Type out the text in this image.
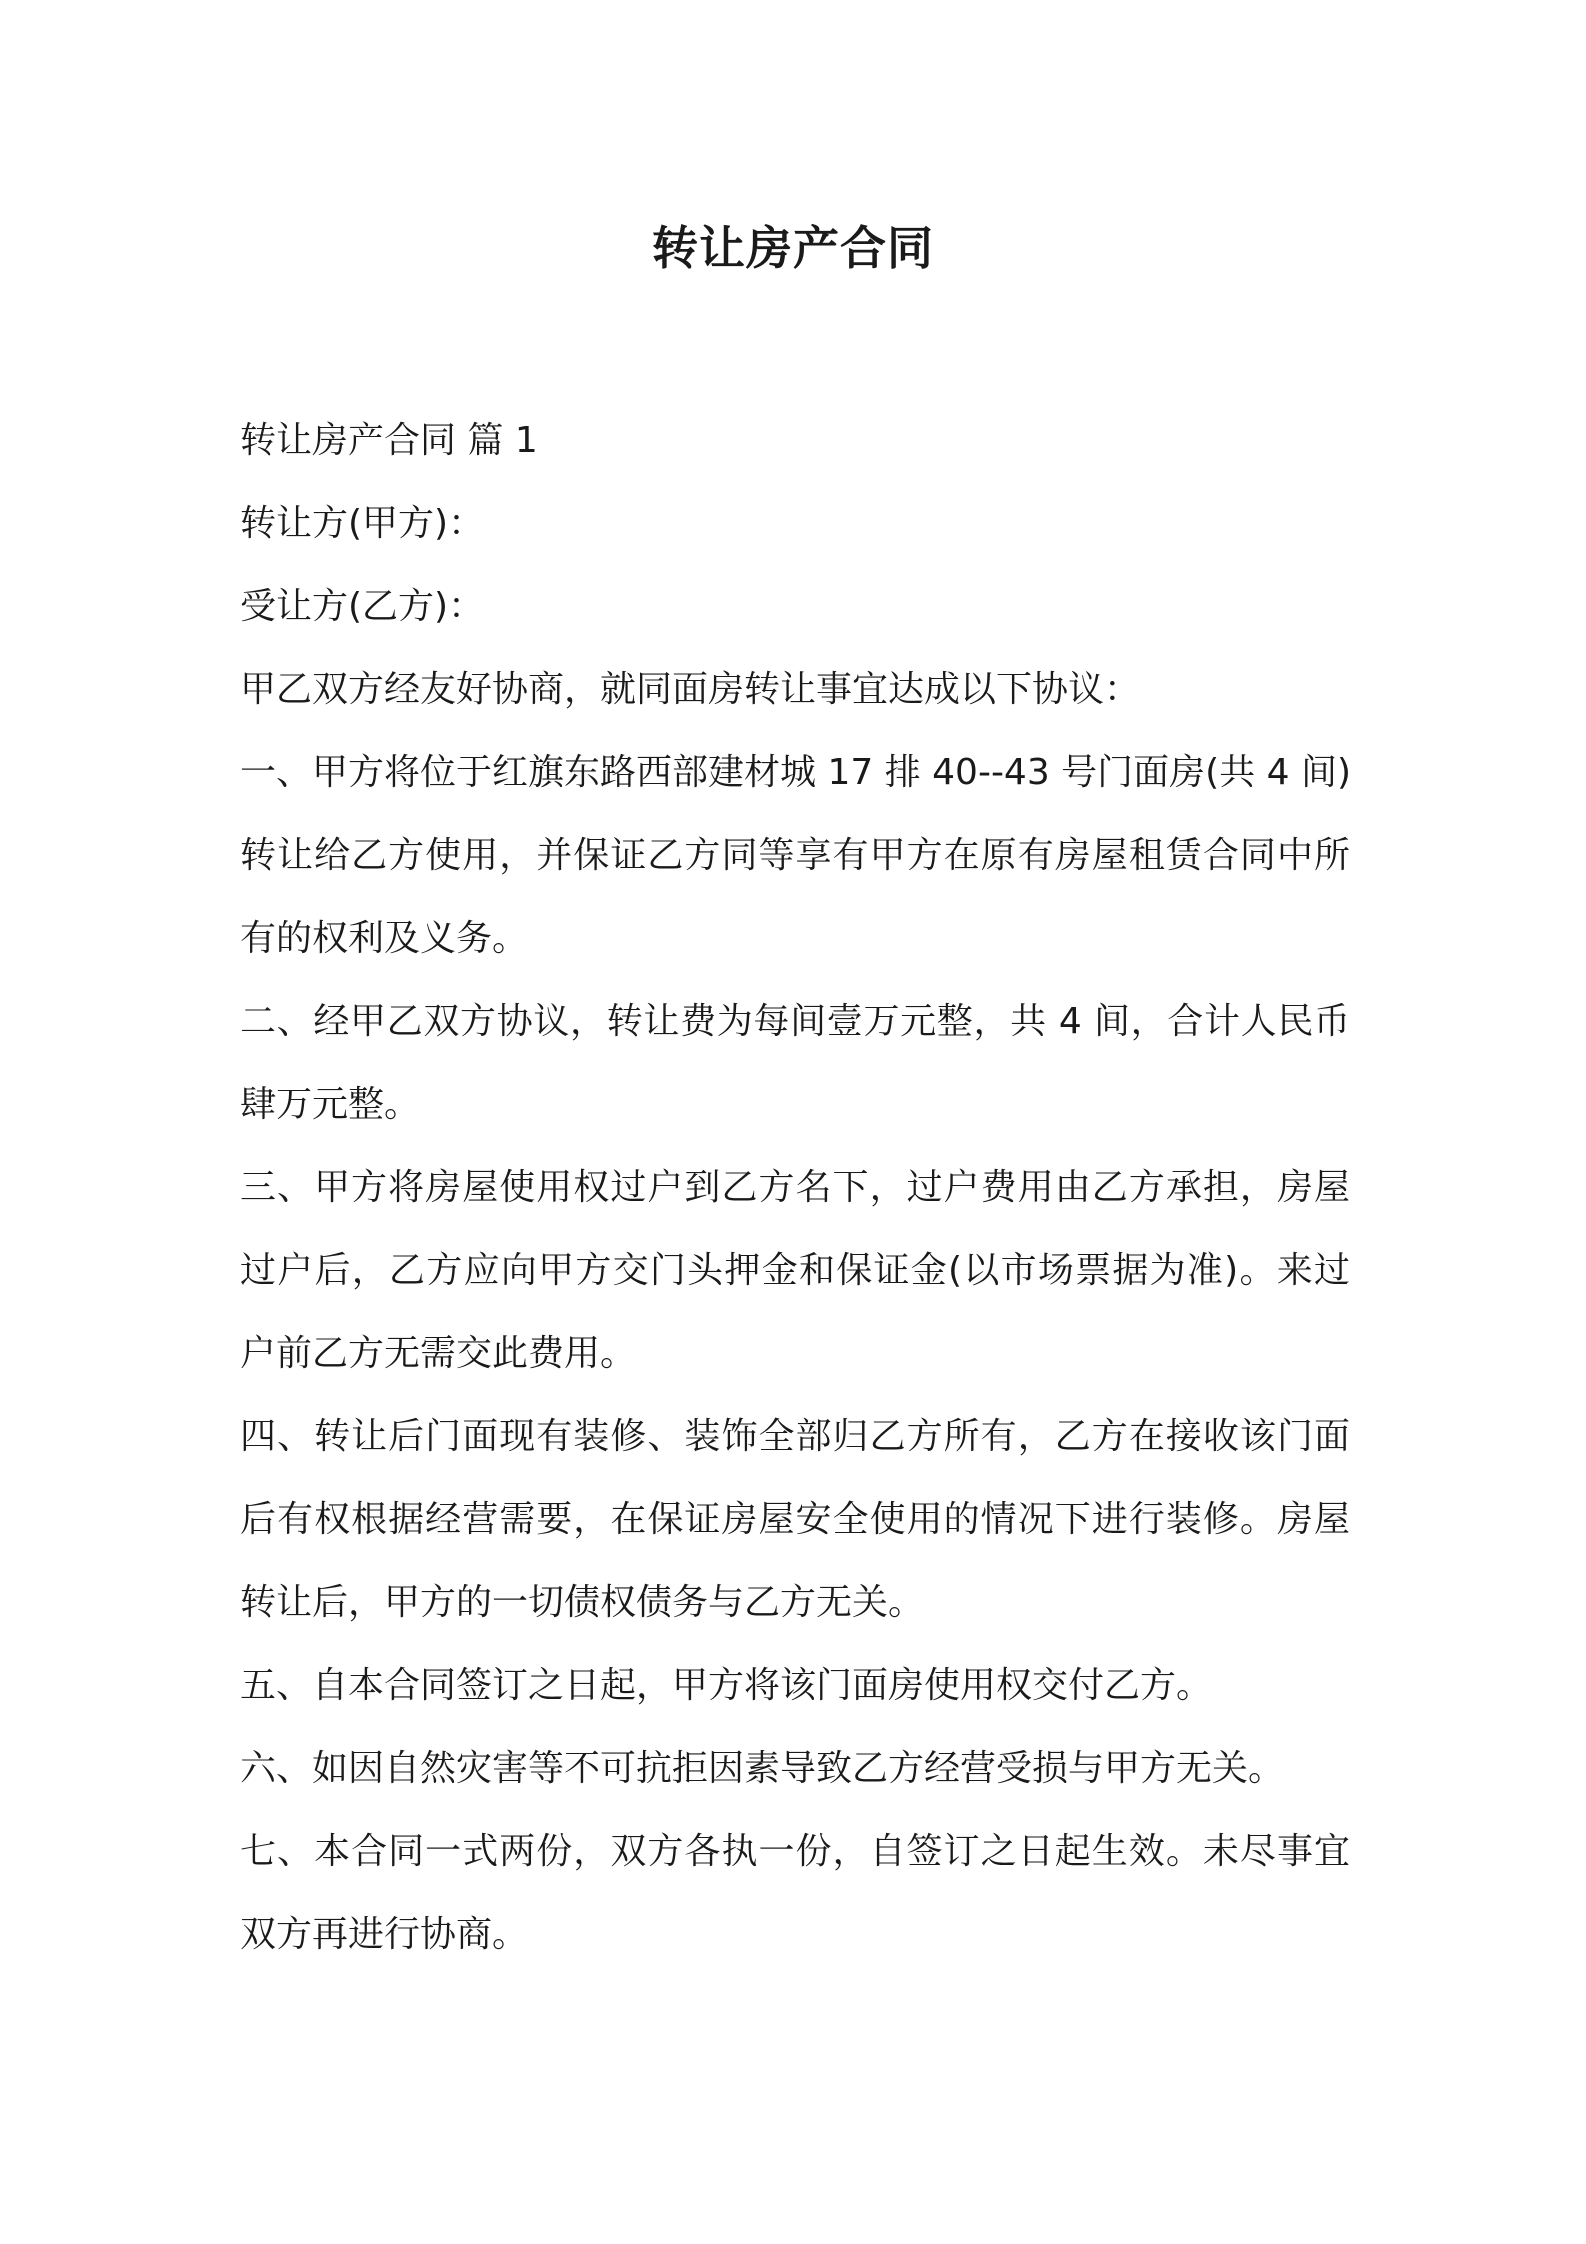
转让房产合同
转让房产合同 篇 1
转让方(甲方)：
受让方(乙方)：
甲乙双方经友好协商，就同面房转让事宜达成以下协议：
一、甲方将位于红旗东路西部建材城 17 排 40--43 号门面房(共 4 间)
转让给乙方使用，并保证乙方同等享有甲方在原有房屋租赁合同中所
有的权利及义务。
二、经甲乙双方协议，转让费为每间壹万元整，共 4 间，合计人民币
肆万元整。
三、甲方将房屋使用权过户到乙方名下，过户费用由乙方承担，房屋
过户后，乙方应向甲方交门头押金和保证金(以市场票据为准)。来过
户前乙方无需交此费用。
四、转让后门面现有装修、装饰全部归乙方所有，乙方在接收该门面
后有权根据经营需要，在保证房屋安全使用的情况下进行装修。房屋
转让后，甲方的一切债权债务与乙方无关。
五、自本合同签订之日起，甲方将该门面房使用权交付乙方。
六、如因自然灾害等不可抗拒因素导致乙方经营受损与甲方无关。
七、本合同一式两份，双方各执一份，自签订之日起生效。未尽事宜
双方再进行协商。
